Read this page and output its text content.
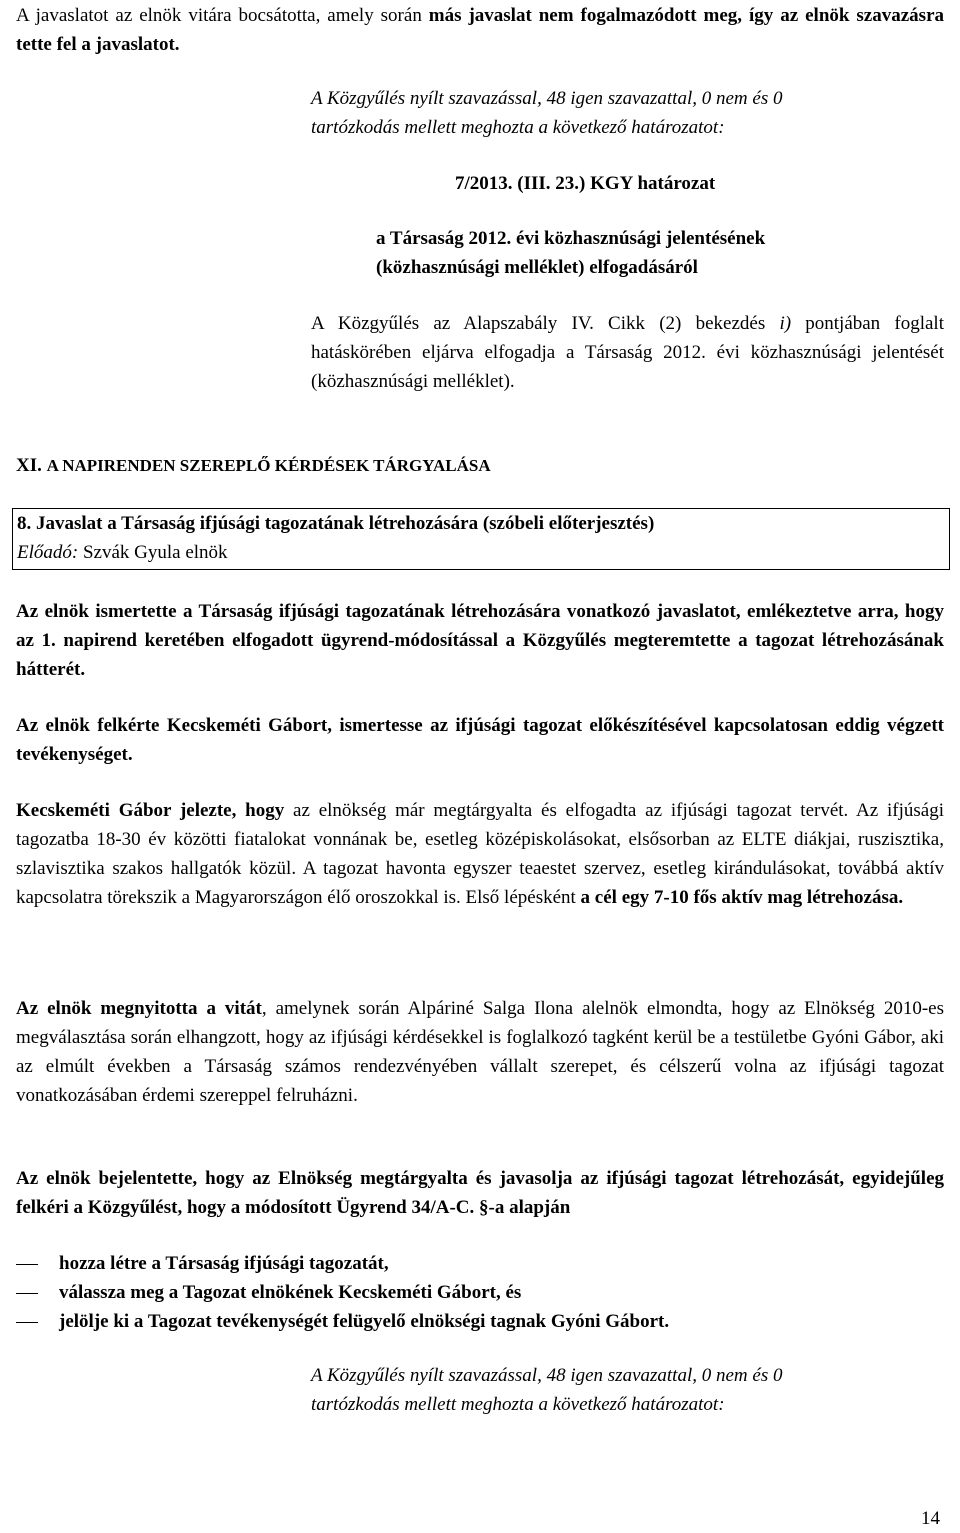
A javaslatot az elnök vitára bocsátotta, amely során más javaslat nem fogalmazódott meg, így az elnök szavazásra tette fel a javaslatot.

A Közgyűlés nyílt szavazással, 48 igen szavazattal, 0 nem és 0
tartózkodás mellett meghozta a következő határozatot:
7/2013. (III. 23.) KGY határozat
a Társaság 2012. évi közhasznúsági jelentésének
(közhasznúsági melléklet) elfogadásáról

A Közgyűlés az Alapszabály IV. Cikk (2) bekezdés i) pontjában foglalt hatáskörében eljárva elfogadja a Társaság 2012. évi közhasznúsági jelentését (közhasznúsági melléklet).

XI. A NAPIRENDEN SZEREPLŐ KÉRDÉSEK TÁRGYALÁSA
8. Javaslat a Társaság ifjúsági tagozatának létrehozására (szóbeli előterjesztés)
Előadó: Szvák Gyula elnök

Az elnök ismertette a Társaság ifjúsági tagozatának létrehozására vonatkozó javaslatot, emlékeztetve arra, hogy az 1. napirend keretében elfogadott ügyrend-módosítással a Közgyűlés megteremtette a tagozat létrehozásának hátterét.

Az elnök felkérte Kecskeméti Gábort, ismertesse az ifjúsági tagozat előkészítésével kapcsolatosan eddig végzett tevékenységet.

Kecskeméti Gábor jelezte, hogy az elnökség már megtárgyalta és elfogadta az ifjúsági tagozat tervét. Az ifjúsági tagozatba 18-30 év közötti fiatalokat vonnának be, esetleg középiskolásokat, elsősorban az ELTE diákjai, ruszisztika, szlavisztika szakos hallgatók közül. A tagozat havonta egyszer teaestet szervez, esetleg kirándulásokat, továbbá aktív kapcsolatra törekszik a Magyarországon élő oroszokkal is. Első lépésként a cél egy 7-10 fős aktív mag létrehozása.

Az elnök megnyitotta a vitát, amelynek során Alpáriné Salga Ilona alelnök elmondta, hogy az Elnökség 2010-es megválasztása során elhangzott, hogy az ifjúsági kérdésekkel is foglalkozó tagként kerül be a testületbe Gyóni Gábor, aki az elmúlt években a Társaság számos rendezvényében vállalt szerepet, és célszerű volna az ifjúsági tagozat vonatkozásában érdemi szereppel felruházni.

Az elnök bejelentette, hogy az Elnökség megtárgyalta és javasolja az ifjúsági tagozat létrehozását, egyidejűleg felkéri a Közgyűlést, hogy a módosított Ügyrend 34/A-C. §-a alapján

hozza létre a Társaság ifjúsági tagozatát,
válassza meg a Tagozat elnökének Kecskeméti Gábort, és
jelölje ki a Tagozat tevékenységét felügyelő elnökségi tagnak Gyóni Gábort.
A Közgyűlés nyílt szavazással, 48 igen szavazattal, 0 nem és 0
tartózkodás mellett meghozta a következő határozatot:
14
